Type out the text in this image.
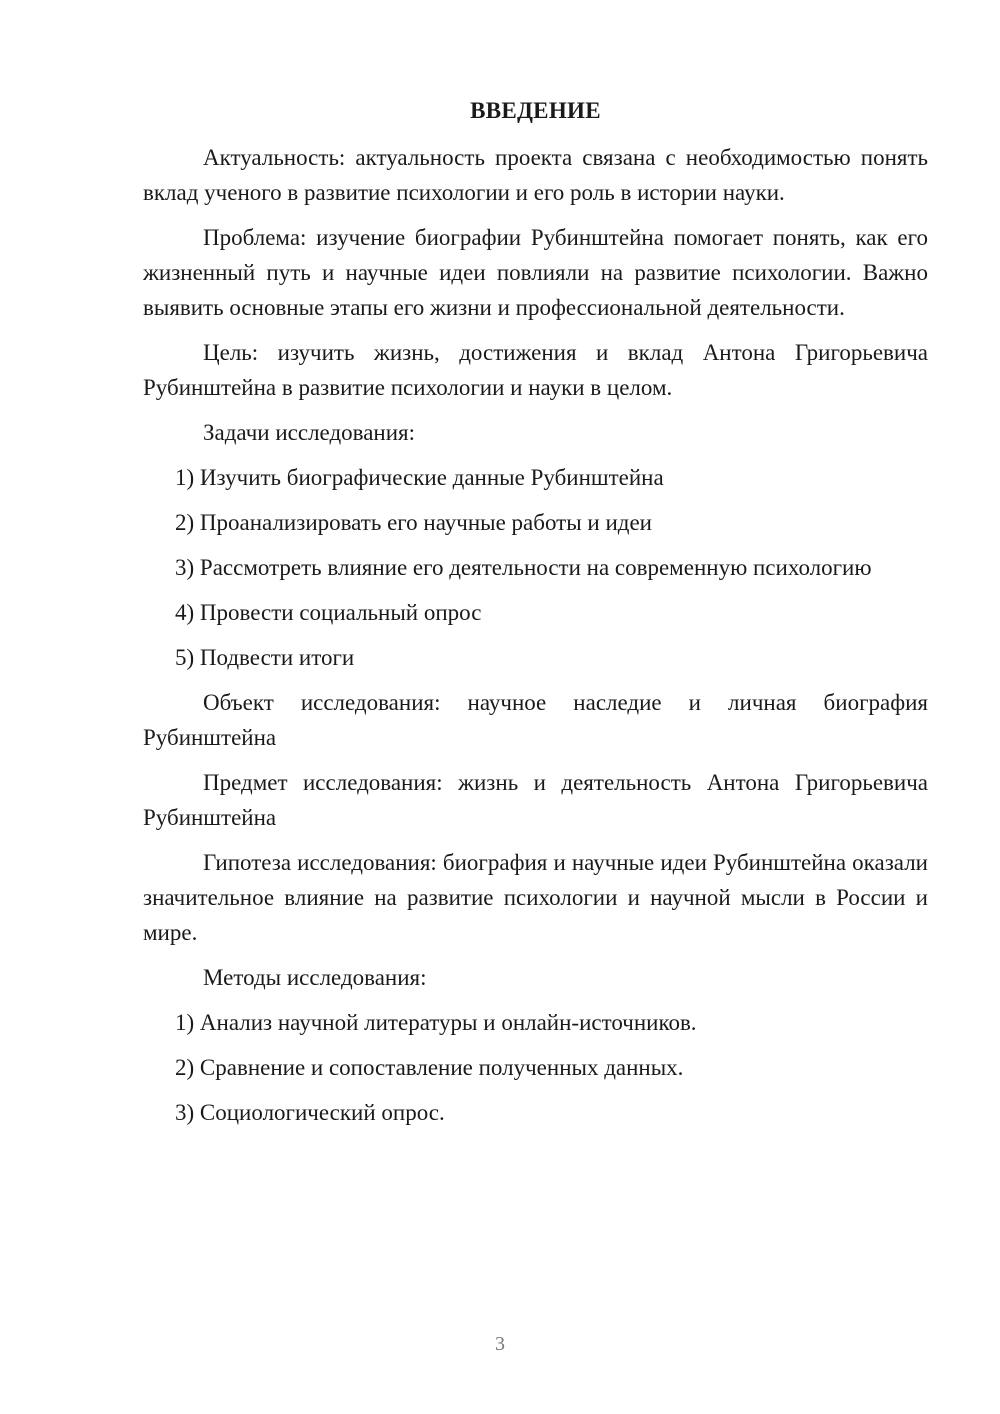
ВВЕДЕНИЕ

Актуальность: актуальность проекта связана с необходимостью понять вклад ученого в развитие психологии и его роль в истории науки.

Проблема: изучение биографии Рубинштейна помогает понять, как его жизненный путь и научные идеи повлияли на развитие психологии. Важно выявить основные этапы его жизни и профессиональной деятельности.

Цель: изучить жизнь, достижения и вклад Антона Григорьевича Рубинштейна в развитие психологии и науки в целом.

Задачи исследования:

1) Изучить биографические данные Рубинштейна
2) Проанализировать его научные работы и идеи
3) Рассмотреть влияние его деятельности на современную психологию
4) Провести социальный опрос
5) Подвести итоги

Объект исследования: научное наследие и личная биография Рубинштейна

Предмет исследования: жизнь и деятельность Антона Григорьевича Рубинштейна

Гипотеза исследования: биография и научные идеи Рубинштейна оказали значительное влияние на развитие психологии и научной мысли в России и мире.

Методы исследования:

1) Анализ научной литературы и онлайн-источников.
2) Сравнение и сопоставление полученных данных.
3) Социологический опрос.
3
